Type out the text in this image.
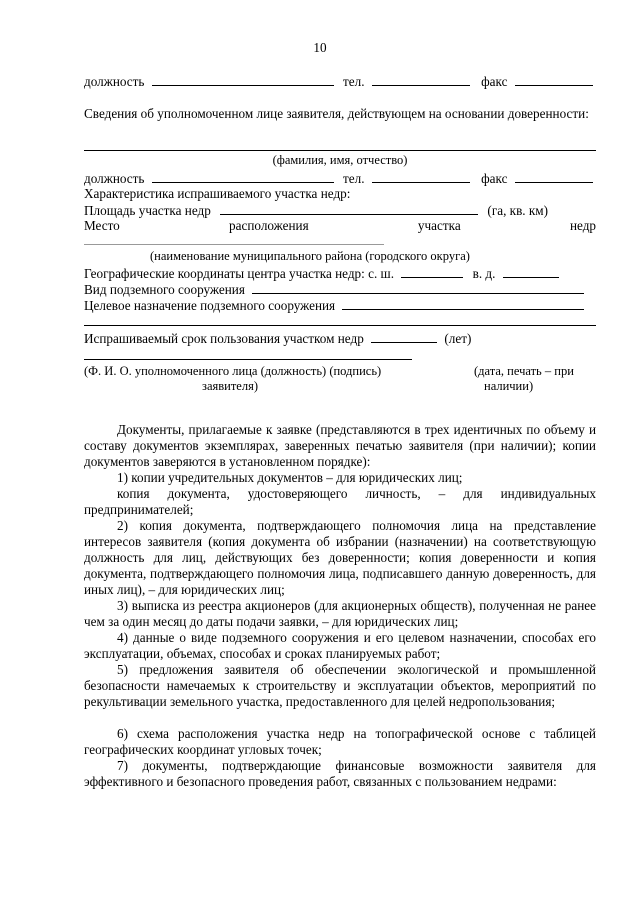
10
должность	тел.	факс
Сведения об уполномоченном лице заявителя, действующем на основании доверенности:
(фамилия, имя, отчество)
должность	тел.	факс
Характеристика испрашиваемого участка недр:
Площадь участка недр	(га, кв. км)
Место	расположения	участка	недр
(наименование муниципального района (городского округа)
Географические координаты центра участка недр: с. ш.	в. д.
Вид подземного сооружения
Целевое назначение подземного сооружения
Испрашиваемый срок пользования участком недр	(лет)
(Ф. И. О. уполномоченного лица (должность) (подпись)
заявителя)
(дата, печать – при
наличии)
Документы, прилагаемые к заявке (представляются в трех идентичных по объему и составу документов экземплярах, заверенных печатью заявителя (при наличии); копии документов заверяются в установленном порядке):
1) копии учредительных документов – для юридических лиц;
копия документа, удостоверяющего личность, – для индивидуальных предпринимателей;
2) копия документа, подтверждающего полномочия лица на представление интересов заявителя (копия документа об избрании (назначении) на соответствующую должность для лиц, действующих без доверенности; копия доверенности и копия документа, подтверждающего полномочия лица, подписавшего данную доверенность, для иных лиц), – для юридических лиц;
3) выписка из реестра акционеров (для акционерных обществ), полученная не ранее чем за один месяц до даты подачи заявки, – для юридических лиц;
4) данные о виде подземного сооружения и его целевом назначении, способах его эксплуатации, объемах, способах и сроках планируемых работ;
5) предложения заявителя об обеспечении экологической и промышленной безопасности намечаемых к строительству и эксплуатации объектов, мероприятий по рекультивации земельного участка, предоставленного для целей недропользования;
6) схема расположения участка недр на топографической основе с таблицей географических координат угловых точек;
7) документы, подтверждающие финансовые возможности заявителя для эффективного и безопасного проведения работ, связанных с пользованием недрами:
